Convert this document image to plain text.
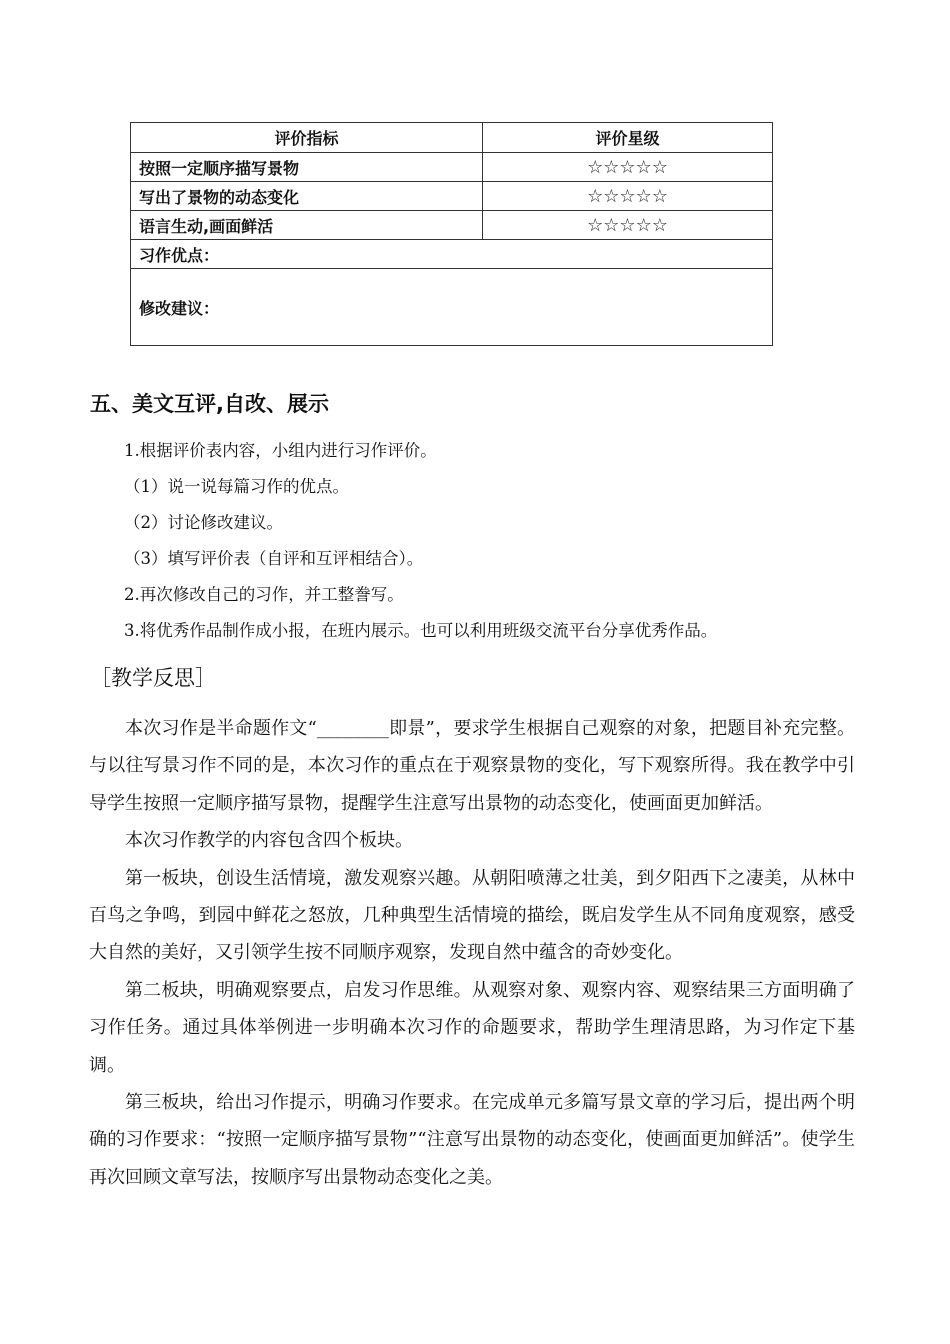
评价指标	评价星级
按照一定顺序描写景物	☆☆☆☆☆
写出了景物的动态变化	☆☆☆☆☆
语言生动,画面鲜活	☆☆☆☆☆
习作优点：	
修改建议：	
五、美文互评,自改、展示
1.根据评价表内容，小组内进行习作评价。
（1）说一说每篇习作的优点。
（2）讨论修改建议。
（3）填写评价表（自评和互评相结合）。
2.再次修改自己的习作，并工整誊写。
3.将优秀作品制作成小报，在班内展示。也可以利用班级交流平台分享优秀作品。
［教学反思］

本次习作是半命题作文“________即景”，要求学生根据自己观察的对象，把题目补充完整。与以往写景习作不同的是，本次习作的重点在于观察景物的变化，写下观察所得。我在教学中引导学生按照一定顺序描写景物，提醒学生注意写出景物的动态变化，使画面更加鲜活。

本次习作教学的内容包含四个板块。

第一板块，创设生活情境，激发观察兴趣。从朝阳喷薄之壮美，到夕阳西下之凄美，从林中百鸟之争鸣，到园中鲜花之怒放，几种典型生活情境的描绘，既启发学生从不同角度观察，感受大自然的美好，又引领学生按不同顺序观察，发现自然中蕴含的奇妙变化。

第二板块，明确观察要点，启发习作思维。从观察对象、观察内容、观察结果三方面明确了习作任务。通过具体举例进一步明确本次习作的命题要求，帮助学生理清思路，为习作定下基调。

第三板块，给出习作提示，明确习作要求。在完成单元多篇写景文章的学习后，提出两个明确的习作要求：“按照一定顺序描写景物”“注意写出景物的动态变化，使画面更加鲜活”。使学生再次回顾文章写法，按顺序写出景物动态变化之美。
